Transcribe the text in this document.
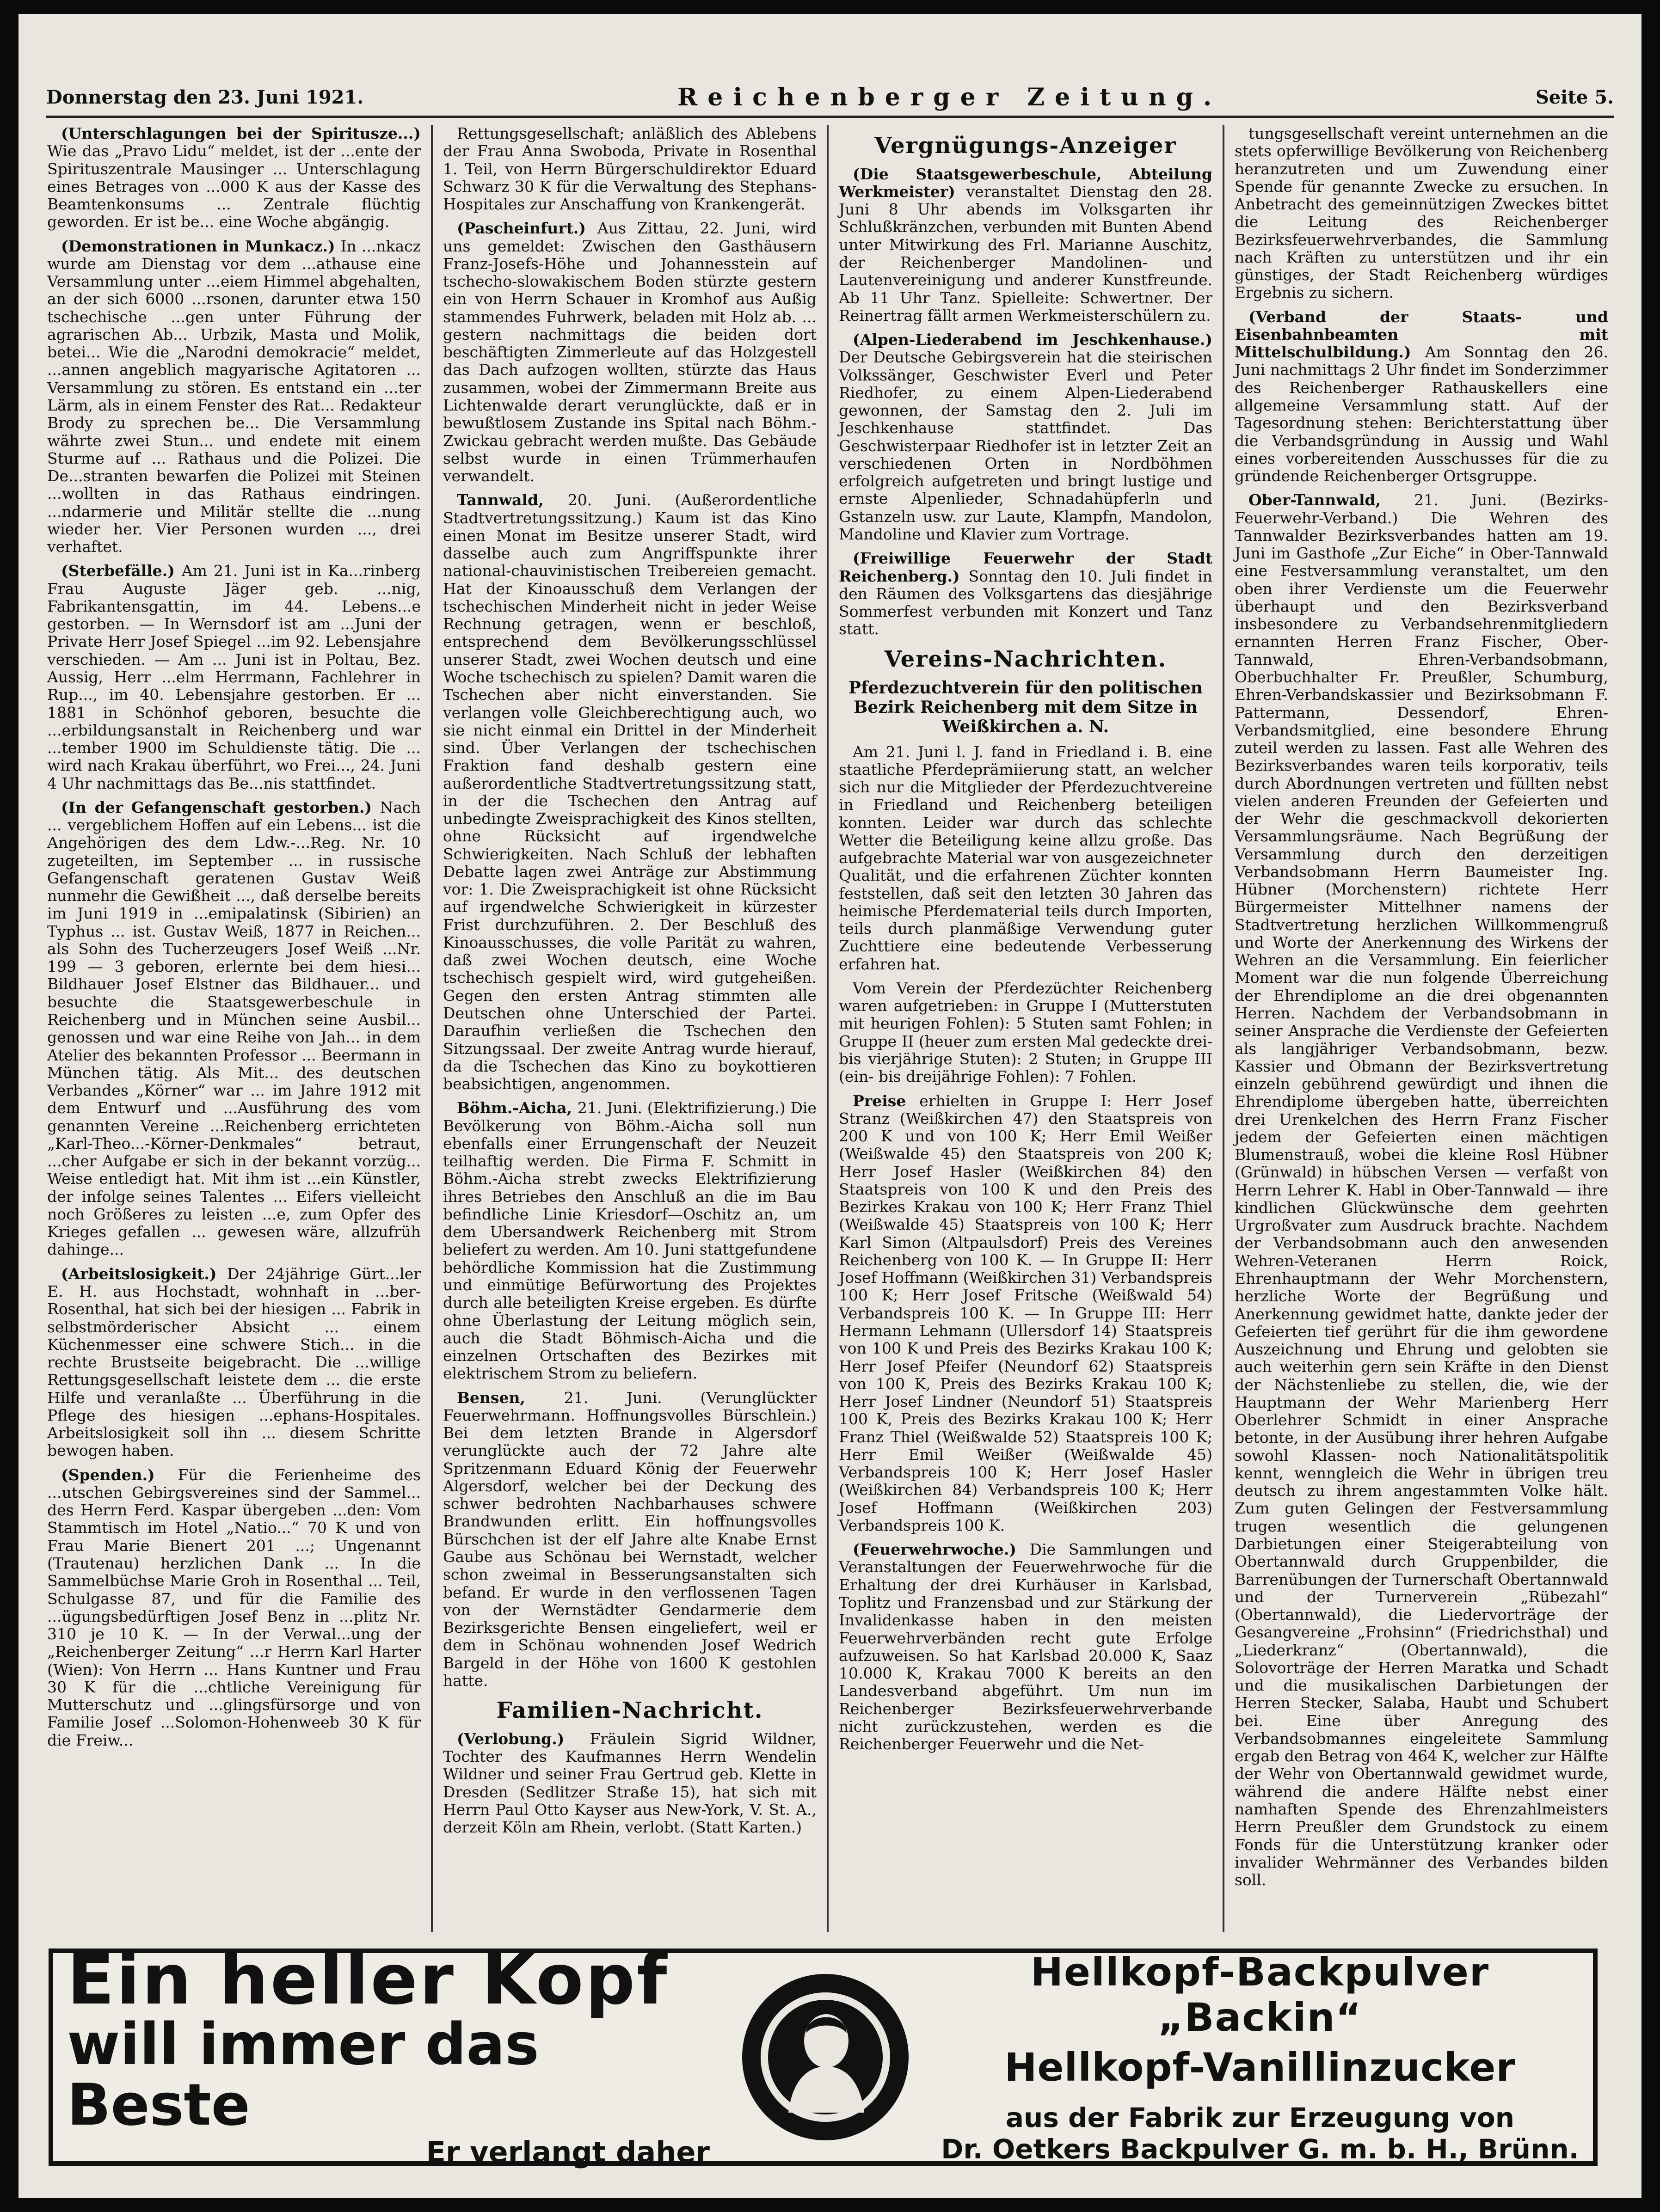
Donnerstag den 23. Juni 1921.	Reichenberger Zeitung.	Seite 5.

(Unterschlagungen bei der Spiritusze...) Wie das „Pravo Lidu“ meldet, ist der ...ente der Spirituszentrale Mausinger ... Unterschlagung eines Betrages von ...000 K aus der Kasse des Beamtenkonsums ... Zentrale flüchtig geworden. Er ist be... eine Woche abgängig.

(Demonstrationen in Munkacz.) In ...nkacz wurde am Dienstag vor dem ...athause eine Versammlung unter ...eiem Himmel abgehalten, an der sich 6000 ...rsonen, darunter etwa 150 tschechische ...gen unter Führung der agrarischen Ab... Urbzik, Masta und Molik, betei... Wie die „Narodni demokracie“ meldet, ...annen angeblich magyarische Agitatoren ... Versammlung zu stören. Es entstand ein ...ter Lärm, als in einem Fenster des Rat... Redakteur Brody zu sprechen be... Die Versammlung währte zwei Stun... und endete mit einem Sturme auf ... Rathaus und die Polizei. Die De...stranten bewarfen die Polizei mit Steinen ...wollten in das Rathaus eindringen. ...ndarmerie und Militär stellte die ...nung wieder her. Vier Personen wurden ..., drei verhaftet.

(Sterbefälle.) Am 21. Juni ist in Ka...rinberg Frau Auguste Jäger geb. ...nig, Fabrikantensgattin, im 44. Lebens...e gestorben. — In Wernsdorf ist am ...Juni der Private Herr Josef Spiegel ...im 92. Lebensjahre verschieden. — Am ... Juni ist in Poltau, Bez. Aussig, Herr ...elm Herrmann, Fachlehrer in Rup..., im 40. Lebensjahre gestorben. Er ... 1881 in Schönhof geboren, besuchte die ...erbildungsanstalt in Reichenberg und war ...tember 1900 im Schuldienste tätig. Die ... wird nach Krakau überführt, wo Frei..., 24. Juni 4 Uhr nachmittags das Be...nis stattfindet.

(In der Gefangenschaft gestorben.) Nach ... vergeblichem Hoffen auf ein Lebens... ist die Angehörigen des dem Ldw.-...Reg. Nr. 10 zugeteilten, im September ... in russische Gefangenschaft geratenen Gustav Weiß nunmehr die Gewißheit ..., daß derselbe bereits im Juni 1919 in ...emipalatinsk (Sibirien) an Typhus ... ist. Gustav Weiß, 1877 in Reichen... als Sohn des Tucherzeugers Josef Weiß ...Nr. 199 — 3 geboren, erlernte bei dem hiesi... Bildhauer Josef Elstner das Bildhauer... und besuchte die Staatsgewerbeschule in Reichenberg und in München seine Ausbil... genossen und war eine Reihe von Jah... in dem Atelier des bekannten Professor ... Beermann in München tätig. Als Mit... des deutschen Verbandes „Körner“ war ... im Jahre 1912 mit dem Entwurf und ...Ausführung des vom genannten Vereine ...Reichenberg errichteten „Karl-Theo...-Körner-Denkmales“ betraut, ...cher Aufgabe er sich in der bekannt vorzüg... Weise entledigt hat. Mit ihm ist ...ein Künstler, der infolge seines Talentes ... Eifers vielleicht noch Größeres zu leisten ...e, zum Opfer des Krieges gefallen ... gewesen wäre, allzufrüh dahinge...

(Arbeitslosigkeit.) Der 24jährige Gürt...ler E. H. aus Hochstadt, wohnhaft in ...ber-Rosenthal, hat sich bei der hiesigen ... Fabrik in selbstmörderischer Absicht ... einem Küchenmesser eine schwere Stich... in die rechte Brustseite beigebracht. Die ...willige Rettungsgesellschaft leistete dem ... die erste Hilfe und veranlaßte ... Überführung in die Pflege des hiesigen ...ephans-Hospitales. Arbeitslosigkeit soll ihn ... diesem Schritte bewogen haben.

(Spenden.) Für die Ferienheime des ...utschen Gebirgsvereines sind der Sammel... des Herrn Ferd. Kaspar übergeben ...den: Vom Stammtisch im Hotel „Natio...“ 70 K und von Frau Marie Bienert 201 ...; Ungenannt (Trautenau) herzlichen Dank ... In die Sammelbüchse Marie Groh in Rosenthal ... Teil, Schulgasse 87, und für die Familie des ...ügungsbedürftigen Josef Benz in ...plitz Nr. 310 je 10 K. — In der Verwal...ung der „Reichenberger Zeitung“ ...r Herrn Karl Harter (Wien): Von Herrn ... Hans Kuntner und Frau 30 K für die ...chtliche Vereinigung für Mutterschutz und ...glingsfürsorge und von Familie Josef ...Solomon-Hohenweeb 30 K für die Freiw...

Rettungsgesellschaft; anläßlich des Ablebens der Frau Anna Swoboda, Private in Rosenthal 1. Teil, von Herrn Bürgerschuldirektor Eduard Schwarz 30 K für die Verwaltung des Stephans-Hospitales zur Anschaffung von Krankengerät.

(Pascheinfurt.) Aus Zittau, 22. Juni, wird uns gemeldet: Zwischen den Gasthäusern Franz-Josefs-Höhe und Johannesstein auf tschecho-slowakischem Boden stürzte gestern ein von Herrn Schauer in Kromhof aus Außig stammendes Fuhrwerk, beladen mit Holz ab. ... gestern nachmittags die beiden dort beschäftigten Zimmerleute auf das Holzgestell das Dach aufzogen wollten, stürzte das Haus zusammen, wobei der Zimmermann Breite aus Lichtenwalde derart verunglückte, daß er in bewußtlosem Zustande ins Spital nach Böhm.-Zwickau gebracht werden mußte. Das Gebäude selbst wurde in einen Trümmerhaufen verwandelt.

Tannwald, 20. Juni. (Außerordentliche Stadtvertretungssitzung.) Kaum ist das Kino einen Monat im Besitze unserer Stadt, wird dasselbe auch zum Angriffspunkte ihrer national-chauvinistischen Treibereien gemacht. Hat der Kinoausschuß dem Verlangen der tschechischen Minderheit nicht in jeder Weise Rechnung getragen, wenn er beschloß, entsprechend dem Bevölkerungsschlüssel unserer Stadt, zwei Wochen deutsch und eine Woche tschechisch zu spielen? Damit waren die Tschechen aber nicht einverstanden. Sie verlangen volle Gleichberechtigung auch, wo sie nicht einmal ein Drittel in der Minderheit sind. Über Verlangen der tschechischen Fraktion fand deshalb gestern eine außerordentliche Stadtvertretungssitzung statt, in der die Tschechen den Antrag auf unbedingte Zweisprachigkeit des Kinos stellten, ohne Rücksicht auf irgendwelche Schwierigkeiten. Nach Schluß der lebhaften Debatte lagen zwei Anträge zur Abstimmung vor: 1. Die Zweisprachigkeit ist ohne Rücksicht auf irgendwelche Schwierigkeit in kürzester Frist durchzuführen. 2. Der Beschluß des Kinoausschusses, die volle Parität zu wahren, daß zwei Wochen deutsch, eine Woche tschechisch gespielt wird, wird gutgeheißen. Gegen den ersten Antrag stimmten alle Deutschen ohne Unterschied der Partei. Daraufhin verließen die Tschechen den Sitzungssaal. Der zweite Antrag wurde hierauf, da die Tschechen das Kino zu boykottieren beabsichtigen, angenommen.

Böhm.-Aicha, 21. Juni. (Elektrifizierung.) Die Bevölkerung von Böhm.-Aicha soll nun ebenfalls einer Errungenschaft der Neuzeit teilhaftig werden. Die Firma F. Schmitt in Böhm.-Aicha strebt zwecks Elektrifizierung ihres Betriebes den Anschluß an die im Bau befindliche Linie Kriesdorf—Oschitz an, um dem Ubersandwerk Reichenberg mit Strom beliefert zu werden. Am 10. Juni stattgefundene behördliche Kommission hat die Zustimmung und einmütige Befürwortung des Projektes durch alle beteiligten Kreise ergeben. Es dürfte ohne Überlastung der Leitung möglich sein, auch die Stadt Böhmisch-Aicha und die einzelnen Ortschaften des Bezirkes mit elektrischem Strom zu beliefern.

Bensen, 21. Juni. (Verunglückter Feuerwehrmann. Hoffnungsvolles Bürschlein.) Bei dem letzten Brande in Algersdorf verunglückte auch der 72 Jahre alte Spritzenmann Eduard König der Feuerwehr Algersdorf, welcher bei der Deckung des schwer bedrohten Nachbarhauses schwere Brandwunden erlitt. Ein hoffnungsvolles Bürschchen ist der elf Jahre alte Knabe Ernst Gaube aus Schönau bei Wernstadt, welcher schon zweimal in Besserungsanstalten sich befand. Er wurde in den verflossenen Tagen von der Wernstädter Gendarmerie dem Bezirksgerichte Bensen eingeliefert, weil er dem in Schönau wohnenden Josef Wedrich Bargeld in der Höhe von 1600 K gestohlen hatte.

Familien-Nachricht.

(Verlobung.) Fräulein Sigrid Wildner, Tochter des Kaufmannes Herrn Wendelin Wildner und seiner Frau Gertrud geb. Klette in Dresden (Sedlitzer Straße 15), hat sich mit Herrn Paul Otto Kayser aus New-York, V. St. A., derzeit Köln am Rhein, verlobt. (Statt Karten.)

Vergnügungs-Anzeiger

(Die Staatsgewerbeschule, Abteilung Werkmeister) veranstaltet Dienstag den 28. Juni 8 Uhr abends im Volksgarten ihr Schlußkränzchen, verbunden mit Bunten Abend unter Mitwirkung des Frl. Marianne Auschitz, der Reichenberger Mandolinen- und Lautenvereinigung und anderer Kunstfreunde. Ab 11 Uhr Tanz. Spielleite: Schwertner. Der Reinertrag fällt armen Werkmeisterschülern zu.

(Alpen-Liederabend im Jeschkenhause.) Der Deutsche Gebirgsverein hat die steirischen Volkssänger, Geschwister Everl und Peter Riedhofer, zu einem Alpen-Liederabend gewonnen, der Samstag den 2. Juli im Jeschkenhause stattfindet. Das Geschwisterpaar Riedhofer ist in letzter Zeit an verschiedenen Orten in Nordböhmen erfolgreich aufgetreten und bringt lustige und ernste Alpenlieder, Schnadahüpferln und Gstanzeln usw. zur Laute, Klampfn, Mandolon, Mandoline und Klavier zum Vortrage.

(Freiwillige Feuerwehr der Stadt Reichenberg.) Sonntag den 10. Juli findet in den Räumen des Volksgartens das diesjährige Sommerfest verbunden mit Konzert und Tanz statt.

Vereins-Nachrichten.
Pferdezuchtverein für den politischen Bezirk Reichenberg mit dem Sitze in Weißkirchen a. N.

Am 21. Juni l. J. fand in Friedland i. B. eine staatliche Pferdeprämiierung statt, an welcher sich nur die Mitglieder der Pferdezuchtvereine in Friedland und Reichenberg beteiligen konnten. Leider war durch das schlechte Wetter die Beteiligung keine allzu große. Das aufgebrachte Material war von ausgezeichneter Qualität, und die erfahrenen Züchter konnten feststellen, daß seit den letzten 30 Jahren das heimische Pferdematerial teils durch Importen, teils durch planmäßige Verwendung guter Zuchttiere eine bedeutende Verbesserung erfahren hat.

Vom Verein der Pferdezüchter Reichenberg waren aufgetrieben: in Gruppe I (Mutterstuten mit heurigen Fohlen): 5 Stuten samt Fohlen; in Gruppe II (heuer zum ersten Mal gedeckte drei- bis vierjährige Stuten): 2 Stuten; in Gruppe III (ein- bis dreijährige Fohlen): 7 Fohlen.

Preise erhielten in Gruppe I: Herr Josef Stranz (Weißkirchen 47) den Staatspreis von 200 K und von 100 K; Herr Emil Weißer (Weißwalde 45) den Staatspreis von 200 K; Herr Josef Hasler (Weißkirchen 84) den Staatspreis von 100 K und den Preis des Bezirkes Krakau von 100 K; Herr Franz Thiel (Weißwalde 45) Staatspreis von 100 K; Herr Karl Simon (Altpaulsdorf) Preis des Vereines Reichenberg von 100 K. — In Gruppe II: Herr Josef Hoffmann (Weißkirchen 31) Verbandspreis 100 K; Herr Josef Fritsche (Weißwald 54) Verbandspreis 100 K. — In Gruppe III: Herr Hermann Lehmann (Ullersdorf 14) Staatspreis von 100 K und Preis des Bezirks Krakau 100 K; Herr Josef Pfeifer (Neundorf 62) Staatspreis von 100 K, Preis des Bezirks Krakau 100 K; Herr Josef Lindner (Neundorf 51) Staatspreis 100 K, Preis des Bezirks Krakau 100 K; Herr Franz Thiel (Weißwalde 52) Staatspreis 100 K; Herr Emil Weißer (Weißwalde 45) Verbandspreis 100 K; Herr Josef Hasler (Weißkirchen 84) Verbandspreis 100 K; Herr Josef Hoffmann (Weißkirchen 203) Verbandspreis 100 K.

(Feuerwehrwoche.) Die Sammlungen und Veranstaltungen der Feuerwehrwoche für die Erhaltung der drei Kurhäuser in Karlsbad, Toplitz und Franzensbad und zur Stärkung der Invalidenkasse haben in den meisten Feuerwehrverbänden recht gute Erfolge aufzuweisen. So hat Karlsbad 20.000 K, Saaz 10.000 K, Krakau 7000 K bereits an den Landesverband abgeführt. Um nun im Reichenberger Bezirksfeuerwehrverbande nicht zurückzustehen, werden es die Reichenberger Feuerwehr und die Net-

tungsgesellschaft vereint unternehmen an die stets opferwillige Bevölkerung von Reichenberg heranzutreten und um Zuwendung einer Spende für genannte Zwecke zu ersuchen. In Anbetracht des gemeinnützigen Zweckes bittet die Leitung des Reichenberger Bezirksfeuerwehrverbandes, die Sammlung nach Kräften zu unterstützen und ihr ein günstiges, der Stadt Reichenberg würdiges Ergebnis zu sichern.

(Verband der Staats- und Eisenbahnbeamten mit Mittelschulbildung.) Am Sonntag den 26. Juni nachmittags 2 Uhr findet im Sonderzimmer des Reichenberger Rathauskellers eine allgemeine Versammlung statt. Auf der Tagesordnung stehen: Berichterstattung über die Verbandsgründung in Aussig und Wahl eines vorbereitenden Ausschusses für die zu gründende Reichenberger Ortsgruppe.

Ober-Tannwald, 21. Juni. (Bezirks-Feuerwehr-Verband.) Die Wehren des Tannwalder Bezirksverbandes hatten am 19. Juni im Gasthofe „Zur Eiche“ in Ober-Tannwald eine Festversammlung veranstaltet, um den oben ihrer Verdienste um die Feuerwehr überhaupt und den Bezirksverband insbesondere zu Verbandsehrenmitgliedern ernannten Herren Franz Fischer, Ober-Tannwald, Ehren-Verbandsobmann, Oberbuchhalter Fr. Preußler, Schumburg, Ehren-Verbandskassier und Bezirksobmann F. Pattermann, Dessendorf, Ehren-Verbandsmitglied, eine besondere Ehrung zuteil werden zu lassen. Fast alle Wehren des Bezirksverbandes waren teils korporativ, teils durch Abordnungen vertreten und füllten nebst vielen anderen Freunden der Gefeierten und der Wehr die geschmackvoll dekorierten Versammlungsräume. Nach Begrüßung der Versammlung durch den derzeitigen Verbandsobmann Herrn Baumeister Ing. Hübner (Morchenstern) richtete Herr Bürgermeister Mittelhner namens der Stadtvertretung herzlichen Willkommengruß und Worte der Anerkennung des Wirkens der Wehren an die Versammlung. Ein feierlicher Moment war die nun folgende Überreichung der Ehrendiplome an die drei obgenannten Herren. Nachdem der Verbandsobmann in seiner Ansprache die Verdienste der Gefeierten als langjähriger Verbandsobmann, bezw. Kassier und Obmann der Bezirksvertretung einzeln gebührend gewürdigt und ihnen die Ehrendiplome übergeben hatte, überreichten drei Urenkelchen des Herrn Franz Fischer jedem der Gefeierten einen mächtigen Blumenstrauß, wobei die kleine Rosl Hübner (Grünwald) in hübschen Versen — verfaßt von Herrn Lehrer K. Habl in Ober-Tannwald — ihre kindlichen Glückwünsche dem geehrten Urgroßvater zum Ausdruck brachte. Nachdem der Verbandsobmann auch den anwesenden Wehren-Veteranen Herrn Roick, Ehrenhauptmann der Wehr Morchenstern, herzliche Worte der Begrüßung und Anerkennung gewidmet hatte, dankte jeder der Gefeierten tief gerührt für die ihm gewordene Auszeichnung und Ehrung und gelobten sie auch weiterhin gern sein Kräfte in den Dienst der Nächstenliebe zu stellen, die, wie der Hauptmann der Wehr Marienberg Herr Oberlehrer Schmidt in einer Ansprache betonte, in der Ausübung ihrer hehren Aufgabe sowohl Klassen- noch Nationalitätspolitik kennt, wenngleich die Wehr in übrigen treu deutsch zu ihrem angestammten Volke hält. Zum guten Gelingen der Festversammlung trugen wesentlich die gelungenen Darbietungen einer Steigerabteilung von Obertannwald durch Gruppenbilder, die Barrenübungen der Turnerschaft Obertannwald und der Turnerverein „Rübezahl“ (Obertannwald), die Liedervorträge der Gesangvereine „Frohsinn“ (Friedrichsthal) und „Liederkranz“ (Obertannwald), die Solovorträge der Herren Maratka und Schadt und die musikalischen Darbietungen der Herren Stecker, Salaba, Haubt und Schubert bei. Eine über Anregung des Verbandsobmannes eingeleitete Sammlung ergab den Betrag von 464 K, welcher zur Hälfte der Wehr von Obertannwald gewidmet wurde, während die andere Hälfte nebst einer namhaften Spende des Ehrenzahlmeisters Herrn Preußler dem Grundstock zu einem Fonds für die Unterstützung kranker oder invalider Wehrmänner des Verbandes bilden soll.

Ein heller Kopf
will immer das Beste
Er verlangt daher
Hellkopf-Backpulver „Backin“
Hellkopf-Vanillinzucker
aus der Fabrik zur Erzeugung von
Dr. Oetkers Backpulver G. m. b. H., Brünn.
